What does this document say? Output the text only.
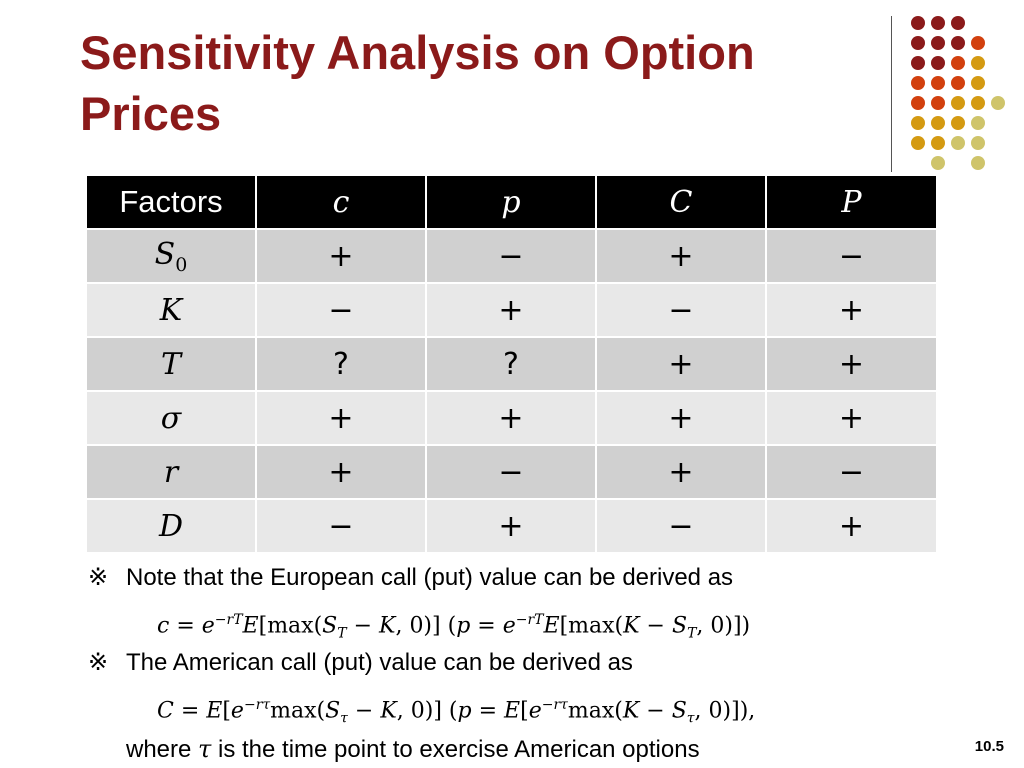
Sensitivity Analysis on Option Prices
Factors	c	p	C	P
$S_0$	+	−	+	−
K	−	+	−	+
T	?	?	+	+
σ	+	+	+	+
r	+	−	+	−
D	−	+	−	+
※ Note that the European call (put) value can be derived as
$c = e^{-rT}E[\max(S_T - K$, 0)] ($p = e^{-rT}E[\max(K - S_T$, 0)])
※ The American call (put) value can be derived as
$C = E[e^{-r\tau}\max(S_\tau - K$, 0)] ($p = E[e^{-r\tau}\max(K - S_\tau$, 0)]),
where τ is the time point to exercise American options	10.5
